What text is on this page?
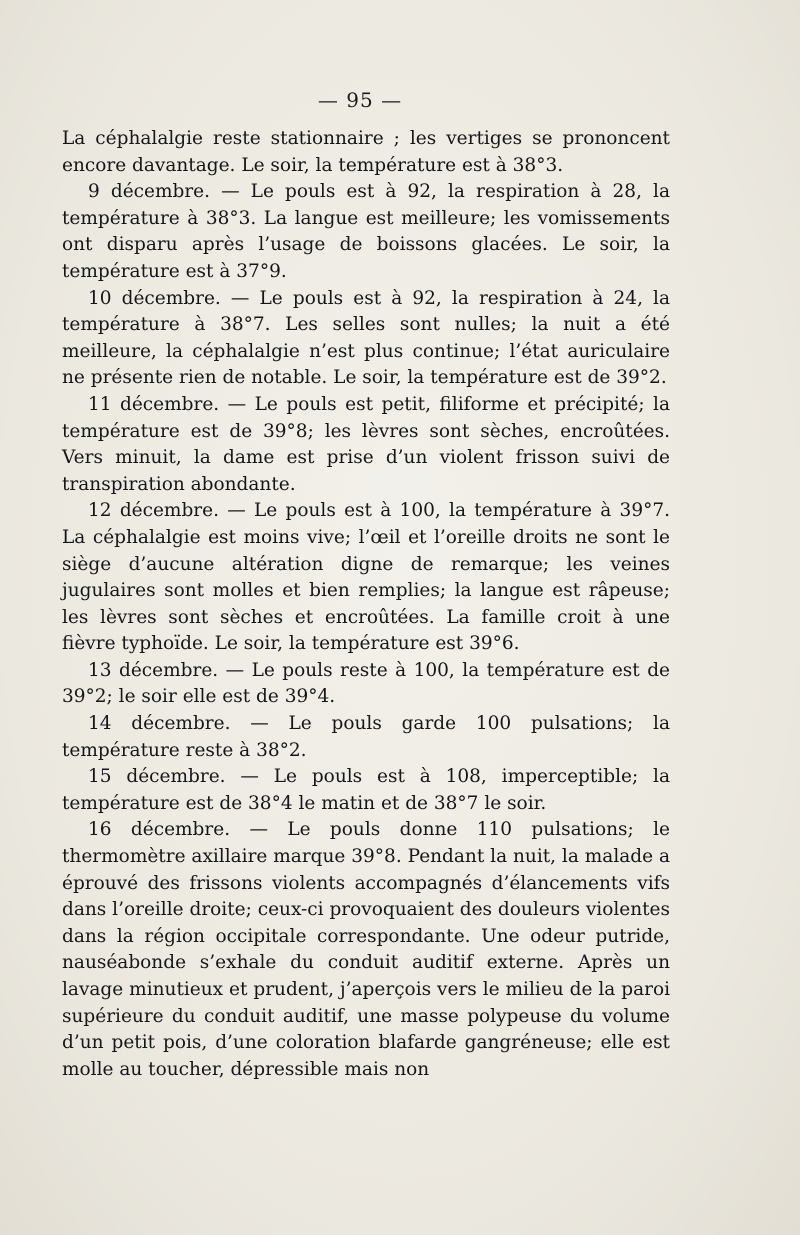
— 95 —

La céphalalgie reste stationnaire ; les vertiges se prononcent encore davantage. Le soir, la température est à 38°3.

9 décembre. — Le pouls est à 92, la respiration à 28, la température à 38°3. La langue est meilleure; les vomissements ont disparu après l’usage de boissons glacées. Le soir, la température est à 37°9.

10 décembre. — Le pouls est à 92, la respiration à 24, la température à 38°7. Les selles sont nulles; la nuit a été meilleure, la céphalalgie n’est plus continue; l’état auriculaire ne présente rien de notable. Le soir, la température est de 39°2.

11 décembre. — Le pouls est petit, filiforme et précipité; la température est de 39°8; les lèvres sont sèches, encroûtées. Vers minuit, la dame est prise d’un violent frisson suivi de transpiration abondante.

12 décembre. — Le pouls est à 100, la température à 39°7. La céphalalgie est moins vive; l’œil et l’oreille droits ne sont le siège d’aucune altération digne de remarque; les veines jugulaires sont molles et bien remplies; la langue est râpeuse; les lèvres sont sèches et encroûtées. La famille croit à une fièvre typhoïde. Le soir, la température est 39°6.

13 décembre. — Le pouls reste à 100, la température est de 39°2; le soir elle est de 39°4.

14 décembre. — Le pouls garde 100 pulsations; la température reste à 38°2.

15 décembre. — Le pouls est à 108, imperceptible; la température est de 38°4 le matin et de 38°7 le soir.

16 décembre. — Le pouls donne 110 pulsations; le thermomètre axillaire marque 39°8. Pendant la nuit, la malade a éprouvé des frissons violents accompagnés d’élancements vifs dans l’oreille droite; ceux-ci provoquaient des douleurs violentes dans la région occipitale correspondante. Une odeur putride, nauséabonde s’exhale du conduit auditif externe. Après un lavage minutieux et prudent, j’aperçois vers le milieu de la paroi supérieure du conduit auditif, une masse polypeuse du volume d’un petit pois, d’une coloration blafarde gangréneuse; elle est molle au toucher, dépressible mais non
